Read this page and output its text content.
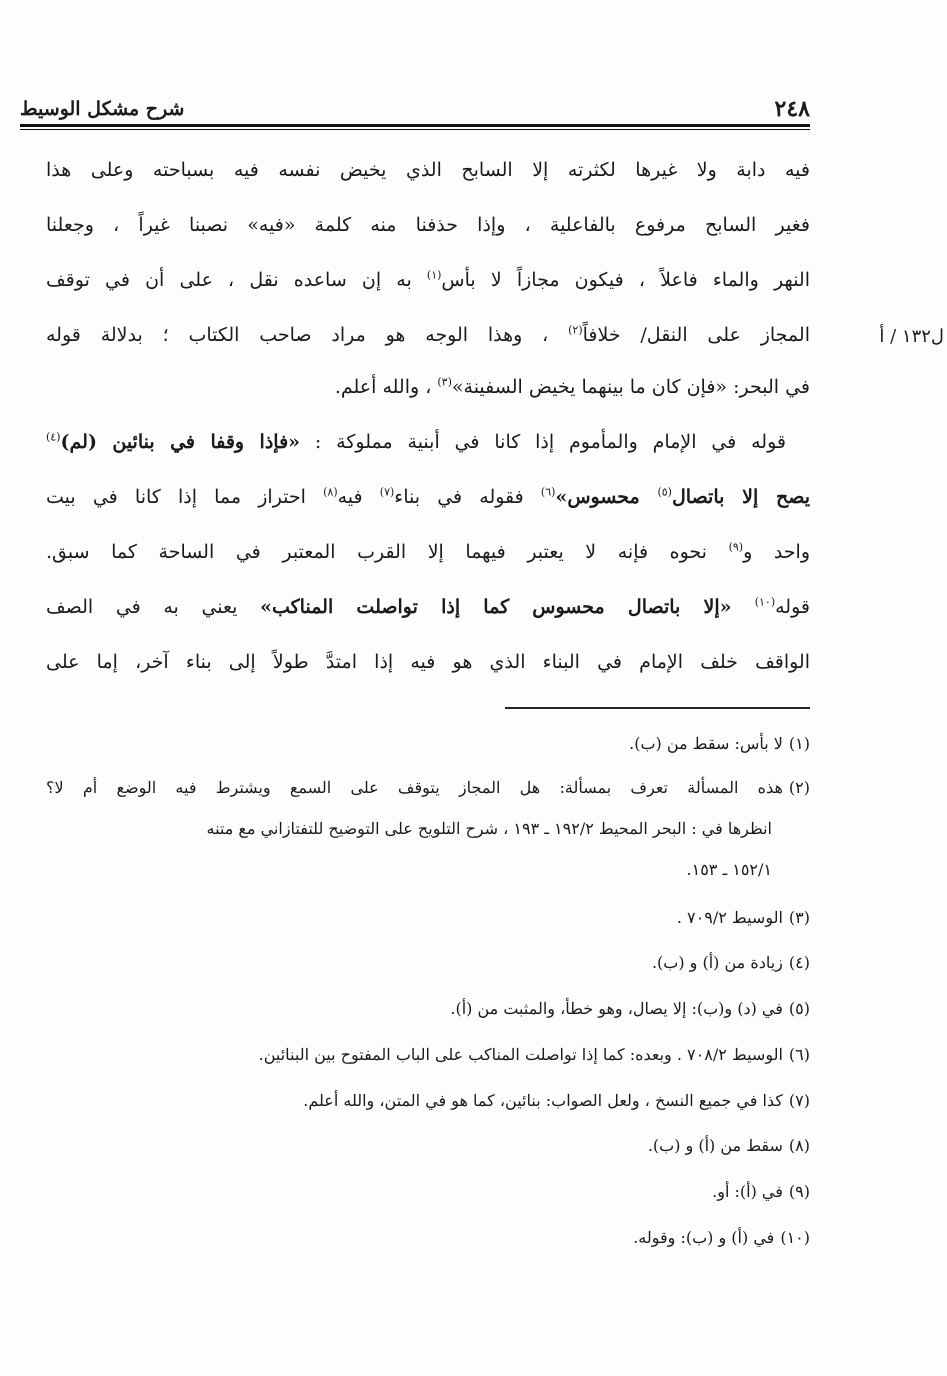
٢٤٨
شرح مشكل الوسيط
ل١٣٢ / أ
فيه دابة ولا غيرها لكثرته إلا السابح الذي يخيض نفسه فيه بسباحته وعلى هذا
فغير السابح مرفوع بالفاعلية ، وإذا حذفنا منه كلمة «فيه» نصبنا غيراً ، وجعلنا
النهر والماء فاعلاً ، فيكون مجازاً لا بأس$^{(١)}$ به إن ساعده نقل ، على أن في توقف
المجاز على النقل/ خلافاً$^{(٢)}$ ، وهذا الوجه هو مراد صاحب الكتاب ؛ بدلالة قوله
في البحر: «فإن كان ما بينهما يخيض السفينة»$^{(٣)}$ ، والله أعلم.
قوله في الإمام والمأموم إذا كانا في أبنية مملوكة : «فإذا وقفا في بنائين (لم)$^{(٤)}$
يصح إلا باتصال$^{(٥)}$ محسوس»$^{(٦)}$ فقوله في بناء$^{(٧)}$ فيه$^{(٨)}$ احتراز مما إذا كانا في بيت
واحد و$^{(٩)}$ نحوه فإنه لا يعتبر فيهما إلا القرب المعتبر في الساحة كما سبق.
قوله$^{(١٠)}$ «إلا باتصال محسوس كما إذا تواصلت المناكب» يعني به في الصف
الواقف خلف الإمام في البناء الذي هو فيه إذا امتدَّ طولاً إلى بناء آخر، إما على
(١)لا بأس: سقط من (ب).
(٢)هذه المسألة تعرف بمسألة: هل المجاز يتوقف على السمع ويشترط فيه الوضع أم لا؟
انظرها في : البحر المحيط ١٩٢/٢ ـ ١٩٣ ، شرح التلويح على التوضيح للتفتازاني مع متنه
١٥٢/١ ـ ١٥٣.
(٣)الوسيط ٧٠٩/٢ .
(٤)زيادة من (أ) و (ب).
(٥)في (د) و(ب): إلا يصال، وهو خطأ، والمثبت من (أ).
(٦)الوسيط ٧٠٨/٢ . وبعده: كما إذا تواصلت المناكب على الباب المفتوح بين البنائين.
(٧)كذا في جميع النسخ ، ولعل الصواب: بنائين، كما هو في المتن، والله أعلم.
(٨)سقط من (أ) و (ب).
(٩)في (أ): أو.
(١٠)في (أ) و (ب): وقوله.
